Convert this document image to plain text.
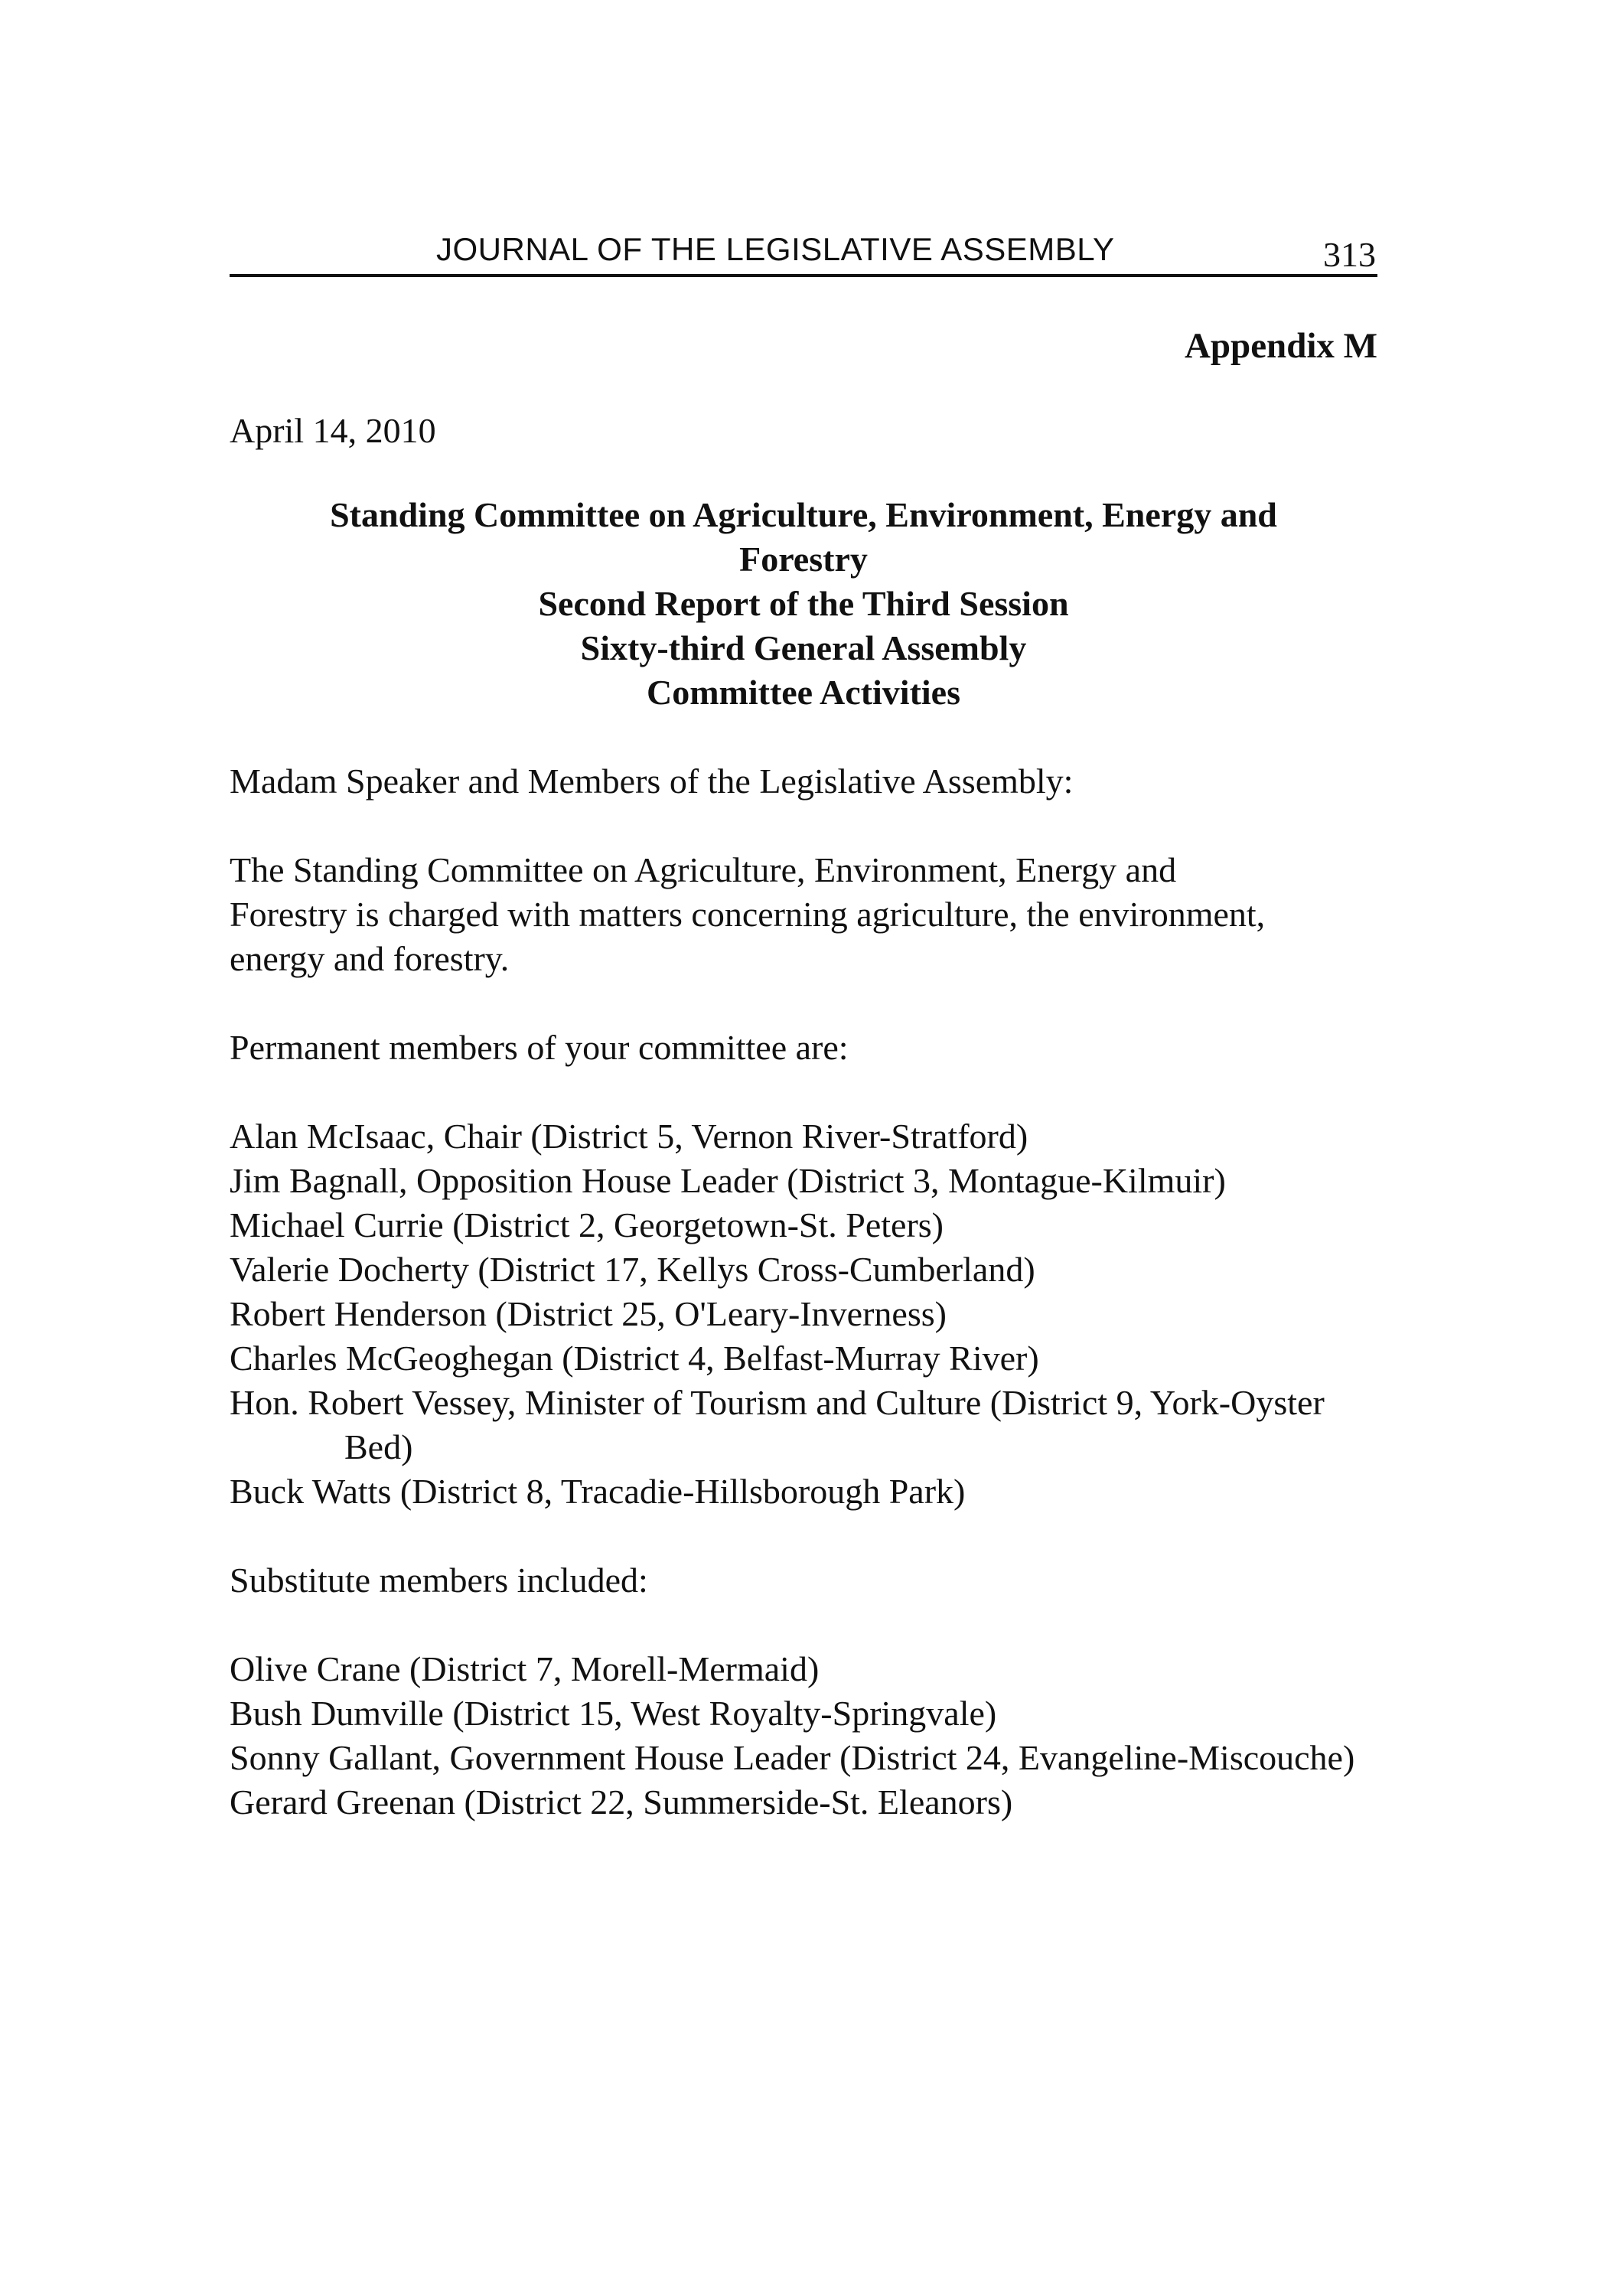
JOURNAL OF THE LEGISLATIVE ASSEMBLY	313
Appendix M
April 14, 2010
Standing Committee on Agriculture, Environment, Energy and
Forestry
Second Report of the Third Session
Sixty-third General Assembly
Committee Activities
Madam Speaker and Members of the Legislative Assembly:
The Standing Committee on Agriculture, Environment, Energy and
Forestry is charged with matters concerning agriculture, the environment,
energy and forestry.
Permanent members of your committee are:
Alan McIsaac, Chair (District 5, Vernon River-Stratford)
Jim Bagnall, Opposition House Leader (District 3, Montague-Kilmuir)
Michael Currie (District 2, Georgetown-St. Peters)
Valerie Docherty (District 17, Kellys Cross-Cumberland)
Robert Henderson (District 25, O'Leary-Inverness)
Charles McGeoghegan (District 4, Belfast-Murray River)
Hon. Robert Vessey, Minister of Tourism and Culture (District 9, York-Oyster Bed)
Buck Watts (District 8, Tracadie-Hillsborough Park)
Substitute members included:
Olive Crane (District 7, Morell-Mermaid)
Bush Dumville (District 15, West Royalty-Springvale)
Sonny Gallant, Government House Leader (District 24, Evangeline-Miscouche)
Gerard Greenan (District 22, Summerside-St. Eleanors)
